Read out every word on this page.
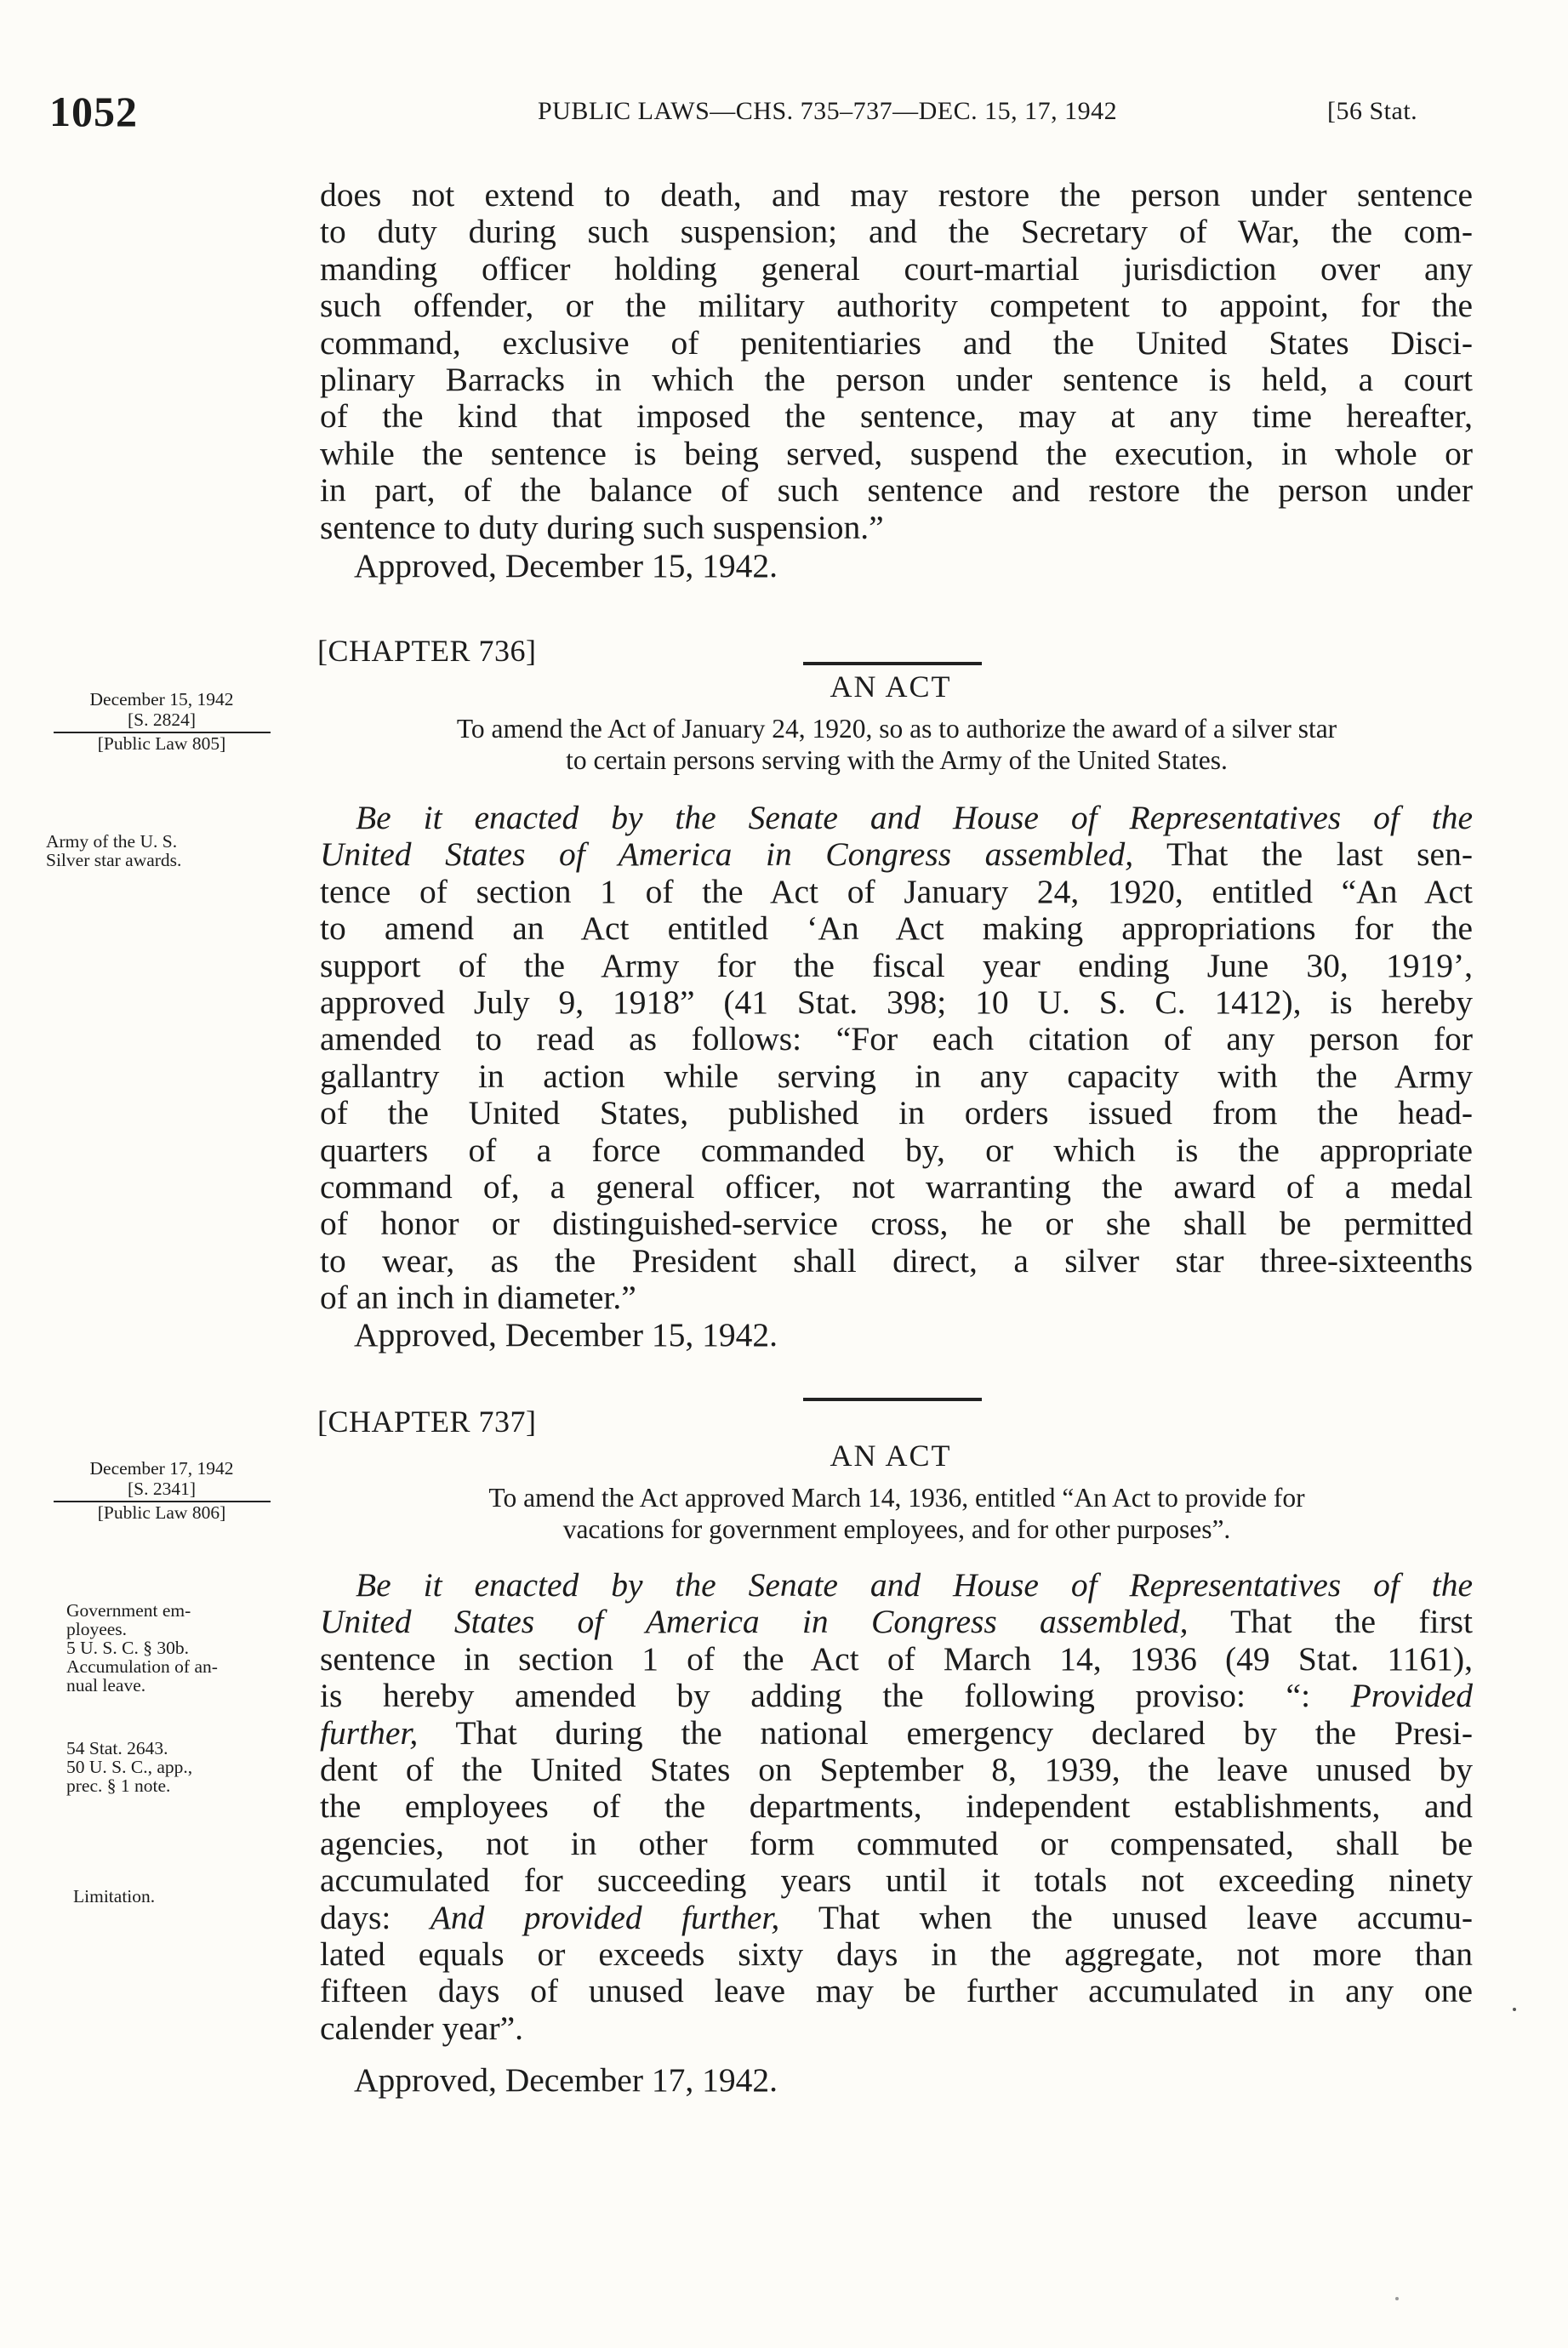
1052	PUBLIC LAWS—CHS. 735–737—DEC. 15, 17, 1942	[56 Stat.
does not extend to death, and may restore the person under sentence
to duty during such suspension; and the Secretary of War, the com-
manding officer holding general court-martial jurisdiction over any
such offender, or the military authority competent to appoint, for the
command, exclusive of penitentiaries and the United States Disci-
plinary Barracks in which the person under sentence is held, a court
of the kind that imposed the sentence, may at any time hereafter,
while the sentence is being served, suspend the execution, in whole or
in part, of the balance of such sentence and restore the person under
sentence to duty during such suspension.”
Approved, December 15, 1942.
[CHAPTER 736]
AN ACT
To amend the Act of January 24, 1920, so as to authorize the award of a silver star
to certain persons serving with the Army of the United States.
December 15, 1942
[S. 2824]
[Public Law 805]
Army of the U. S.
Silver star awards.
Be it enacted by the Senate and House of Representatives of the
United States of America in Congress assembled, That the last sen-
tence of section 1 of the Act of January 24, 1920, entitled “An Act
to amend an Act entitled ‘An Act making appropriations for the
support of the Army for the fiscal year ending June 30, 1919’,
approved July 9, 1918” (41 Stat. 398; 10 U. S. C. 1412), is hereby
amended to read as follows: “For each citation of any person for
gallantry in action while serving in any capacity with the Army
of the United States, published in orders issued from the head-
quarters of a force commanded by, or which is the appropriate
command of, a general officer, not warranting the award of a medal
of honor or distinguished-service cross, he or she shall be permitted
to wear, as the President shall direct, a silver star three-sixteenths
of an inch in diameter.”
Approved, December 15, 1942.
[CHAPTER 737]
AN ACT
To amend the Act approved March 14, 1936, entitled “An Act to provide for
vacations for government employees, and for other purposes”.
December 17, 1942
[S. 2341]
[Public Law 806]
Government em-
ployees.
5 U. S. C. § 30b.
Accumulation of an-
nual leave.
54 Stat. 2643.
50 U. S. C., app.,
prec. § 1 note.
Limitation.
Be it enacted by the Senate and House of Representatives of the
United States of America in Congress assembled, That the first
sentence in section 1 of the Act of March 14, 1936 (49 Stat. 1161),
is hereby amended by adding the following proviso: “: Provided
further, That during the national emergency declared by the Presi-
dent of the United States on September 8, 1939, the leave unused by
the employees of the departments, independent establishments, and
agencies, not in other form commuted or compensated, shall be
accumulated for succeeding years until it totals not exceeding ninety
days: And provided further, That when the unused leave accumu-
lated equals or exceeds sixty days in the aggregate, not more than
fifteen days of unused leave may be further accumulated in any one
calender year”.
Approved, December 17, 1942.
